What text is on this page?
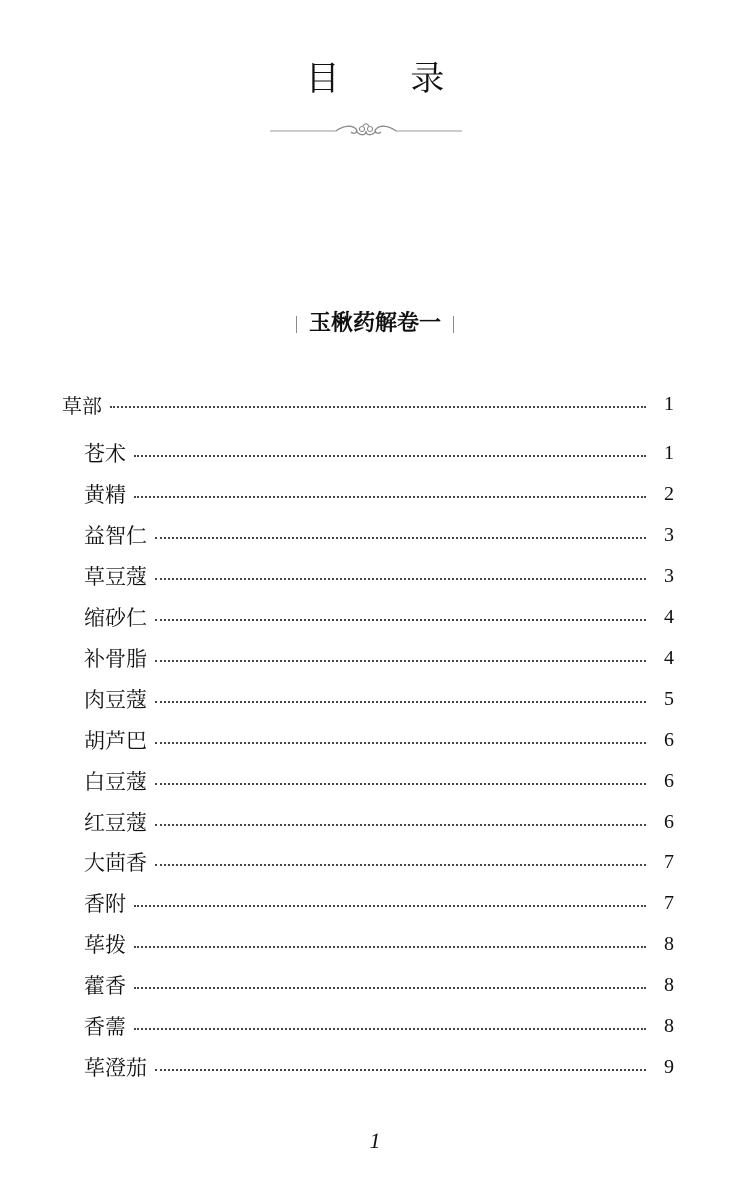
目 录
玉楸药解卷一
草部	1
苍术	1
黄精	2
益智仁	3
草豆蔻	3
缩砂仁	4
补骨脂	4
肉豆蔻	5
胡芦巴	6
白豆蔻	6
红豆蔻	6
大茴香	7
香附	7
荜拨	8
藿香	8
香薷	8
荜澄茄	9
1
